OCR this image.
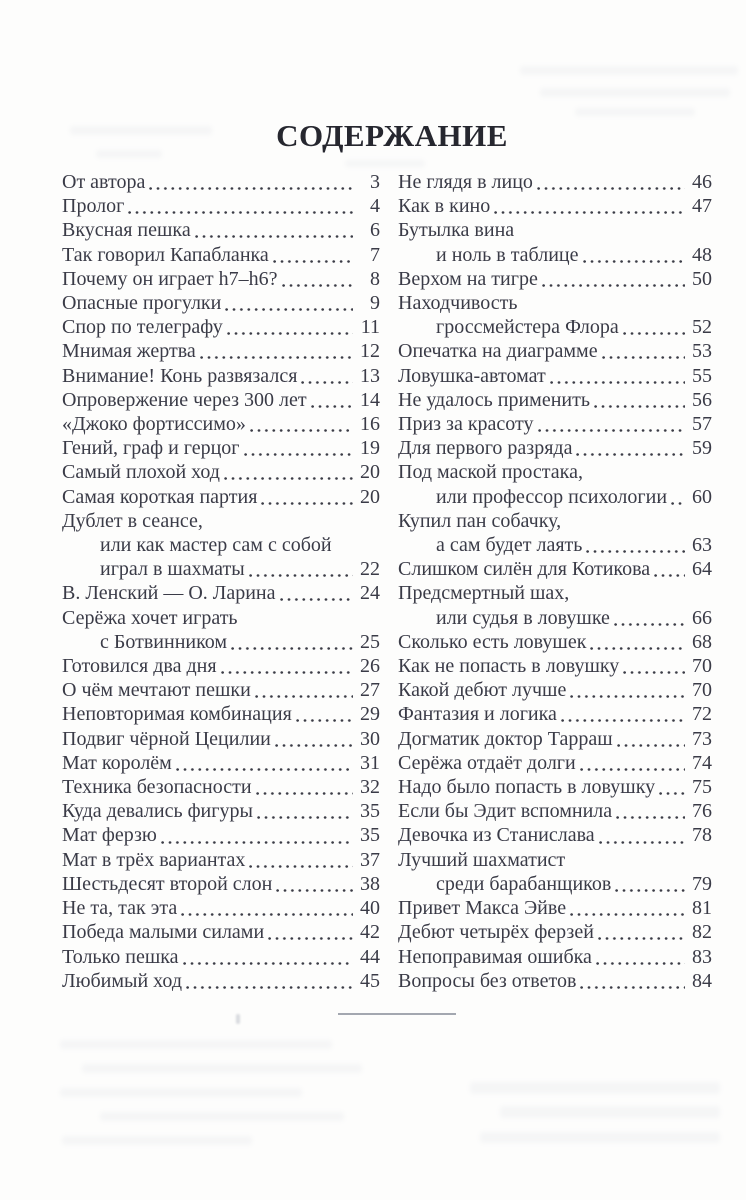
СОДЕРЖАНИЕ
От автора	3
Пролог	4
Вкусная пешка	6
Так говорил Капабланка	7
Почему он играет h7–h6?	8
Опасные прогулки	9
Спор по телеграфу	11
Мнимая жертва	12
Внимание! Конь развязался	13
Опровержение через 300 лет	14
«Джоко фортиссимо»	16
Гений, граф и герцог	19
Самый плохой ход	20
Самая короткая партия	20
Дублет в сеансе,
или как мастер сам с собой
играл в шахматы	22
В. Ленский — О. Ларина	24
Серёжа хочет играть
с Ботвинником	25
Готовился два дня	26
О чём мечтают пешки	27
Неповторимая комбинация	29
Подвиг чёрной Цецилии	30
Мат королём	31
Техника безопасности	32
Куда девались фигуры	35
Мат ферзю	35
Мат в трёх вариантах	37
Шестьдесят второй слон	38
Не та, так эта	40
Победа малыми силами	42
Только пешка	44
Любимый ход	45
Не глядя в лицо	46
Как в кино	47
Бутылка вина
и ноль в таблице	48
Верхом на тигре	50
Находчивость
гроссмейстера Флора	52
Опечатка на диаграмме	53
Ловушка-автомат	55
Не удалось применить	56
Приз за красоту	57
Для первого разряда	59
Под маской простака,
или профессор психологии 60
Купил пан собачку,
а сам будет лаять	63
Слишком силён для Котикова 64
Предсмертный шах,
или судья в ловушке	66
Сколько есть ловушек	68
Как не попасть в ловушку	70
Какой дебют лучше	70
Фантазия и логика	72
Догматик доктор Тарраш	73
Серёжа отдаёт долги	74
Надо было попасть в ловушку 75
Если бы Эдит вспомнила	76
Девочка из Станислава	78
Лучший шахматист
среди барабанщиков	79
Привет Макса Эйве	81
Дебют четырёх ферзей	82
Непоправимая ошибка	83
Вопросы без ответов	84
